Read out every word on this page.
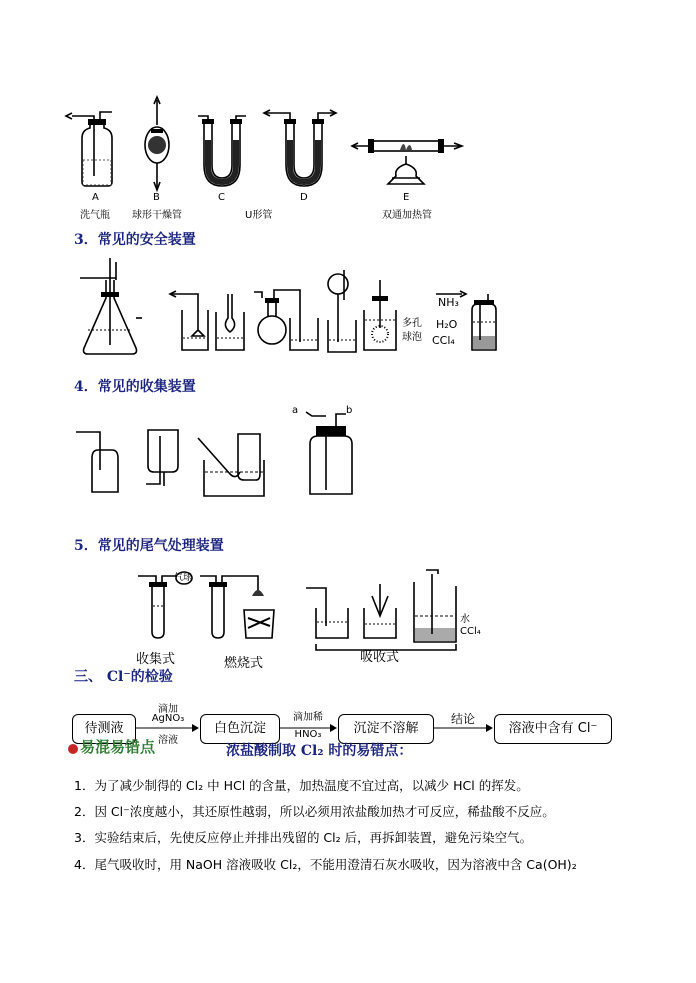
A	B	C	D	E
洗气瓶 球形干燥管	U形管	双通加热管
3．常见的安全装置
多孔
球泡
NH₃
H₂O
CCl₄
4．常见的收集装置
a	b
5．常见的尾气处理装置
气球
水
CCl₄
收集式	燃烧式	吸收式
三、 Cl⁻的检验
待测液	白色沉淀	沉淀不溶解	溶液中含有 Cl⁻
滴加
AgNO₃
溶液
滴加稀
HNO₃
结论
易混易错点	浓盐酸制取 Cl₂ 时的易错点：
1．为了减少制得的 Cl₂ 中 HCl 的含量，加热温度不宜过高，以减少 HCl 的挥发。
2．因 Cl⁻浓度越小，其还原性越弱，所以必须用浓盐酸加热才可反应，稀盐酸不反应。
3．实验结束后，先使反应停止并排出残留的 Cl₂ 后，再拆卸装置，避免污染空气。
4．尾气吸收时，用 NaOH 溶液吸收 Cl₂，不能用澄清石灰水吸收，因为溶液中含 Ca(OH)₂
